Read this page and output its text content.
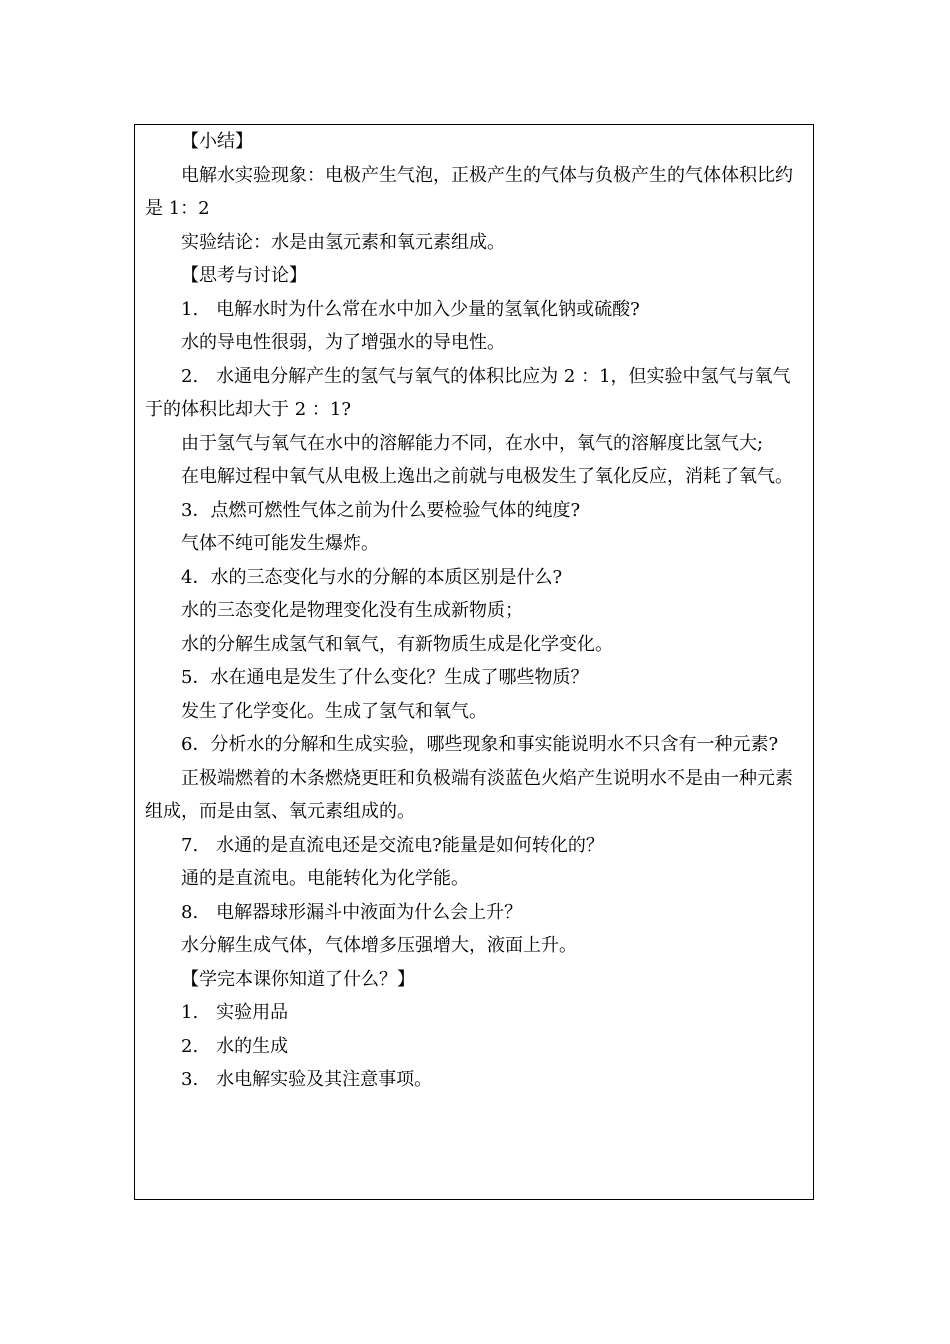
【小结】

电解水实验现象：电极产生气泡，正极产生的气体与负极产生的气体体积比约是 1：2

实验结论：水是由氢元素和氧元素组成。

【思考与讨论】

1.　电解水时为什么常在水中加入少量的氢氧化钠或硫酸?

水的导电性很弱，为了增强水的导电性。

2.　水通电分解产生的氢气与氧气的体积比应为 2 ：1，但实验中氢气与氧气于的体积比却大于 2 ：1?

由于氢气与氧气在水中的溶解能力不同，在水中，氧气的溶解度比氢气大;

在电解过程中氧气从电极上逸出之前就与电极发生了氧化反应，消耗了氧气。

3．点燃可燃性气体之前为什么要检验气体的纯度?

气体不纯可能发生爆炸。

4．水的三态变化与水的分解的本质区别是什么?

水的三态变化是物理变化没有生成新物质；

水的分解生成氢气和氧气，有新物质生成是化学变化。

5．水在通电是发生了什么变化？生成了哪些物质？

发生了化学变化。生成了氢气和氧气。

6．分析水的分解和生成实验，哪些现象和事实能说明水不只含有一种元素?

正极端燃着的木条燃烧更旺和负极端有淡蓝色火焰产生说明水不是由一种元素组成，而是由氢、氧元素组成的。

7.　水通的是直流电还是交流电?能量是如何转化的？

通的是直流电。电能转化为化学能。

8.　电解器球形漏斗中液面为什么会上升？

水分解生成气体，气体增多压强增大，液面上升。

【学完本课你知道了什么？】

1.　实验用品

2.　水的生成

3.　水电解实验及其注意事项。
